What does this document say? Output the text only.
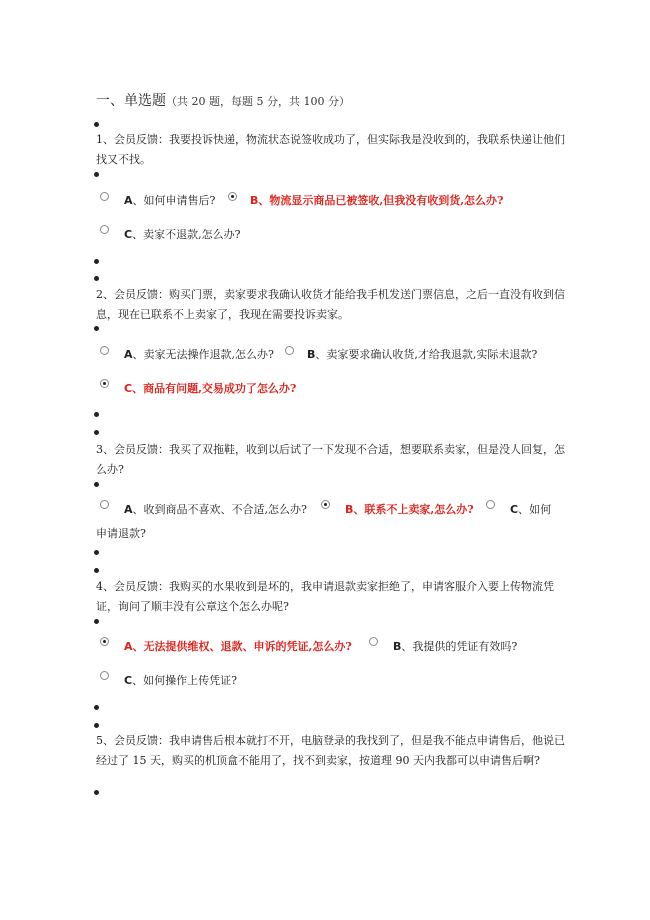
一、单选题（共 20 题，每题 5 分，共 100 分）
1、会员反馈：我要投诉快递，物流状态说签收成功了，但实际我是没收到的，我联系快递让他们找又不找。
A、如何申请售后?	B、物流显示商品已被签收,但我没有收到货,怎么办?
C、卖家不退款,怎么办?
2、会员反馈：购买门票，卖家要求我确认收货才能给我手机发送门票信息，之后一直没有收到信息，现在已联系不上卖家了，我现在需要投诉卖家。
A、卖家无法操作退款,怎么办?	B、卖家要求确认收货,才给我退款,实际未退款?
C、商品有问题,交易成功了怎么办?
3、会员反馈：我买了双拖鞋，收到以后试了一下发现不合适，想要联系卖家，但是没人回复，怎么办?
A、收到商品不喜欢、不合适,怎么办?	B、联系不上卖家,怎么办?	C、如何
申请退款?
4、会员反馈：我购买的水果收到是坏的，我申请退款卖家拒绝了，申请客服介入要上传物流凭证，询问了顺丰没有公章这个怎么办呢?
A、无法提供维权、退款、申诉的凭证,怎么办?	B、我提供的凭证有效吗?
C、如何操作上传凭证?
5、会员反馈：我申请售后根本就打不开，电脑登录的我找到了，但是我不能点申请售后，他说已经过了 15 天，购买的机顶盒不能用了，找不到卖家，按道理 90 天内我都可以申请售后啊?
